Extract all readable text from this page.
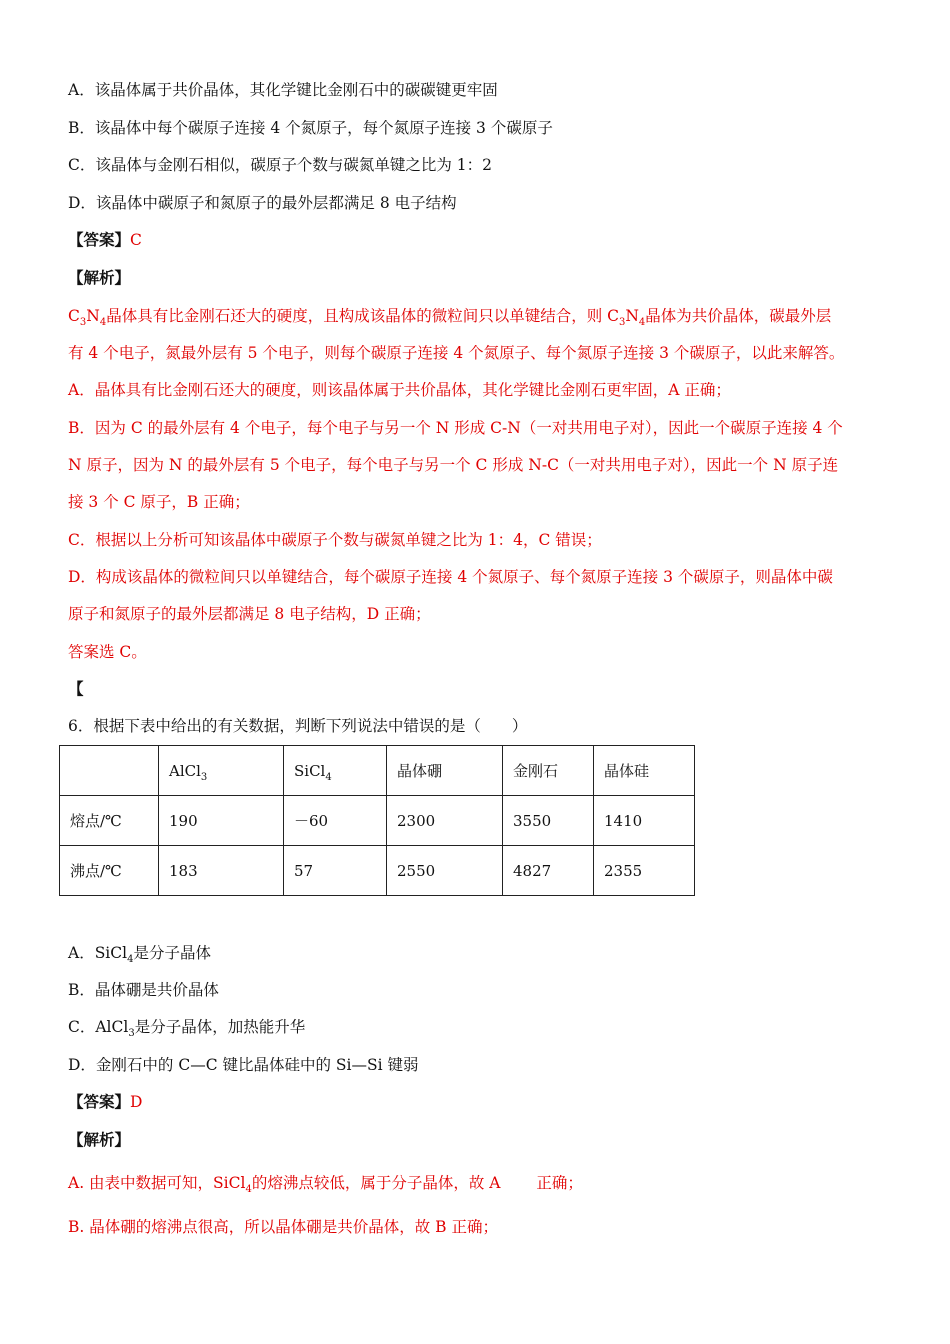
A．该晶体属于共价晶体，其化学键比金刚石中的碳碳键更牢固
B．该晶体中每个碳原子连接 4 个氮原子，每个氮原子连接 3 个碳原子
C．该晶体与金刚石相似，碳原子个数与碳氮单键之比为 1：2
D．该晶体中碳原子和氮原子的最外层都满足 8 电子结构
【答案】C
【解析】
$C_3N_4$晶体具有比金刚石还大的硬度，且构成该晶体的微粒间只以单键结合，则 $C_3N_4$晶体为共价晶体，碳最外层
有 4 个电子，氮最外层有 5 个电子，则每个碳原子连接 4 个氮原子、每个氮原子连接 3 个碳原子，以此来解答。
A．晶体具有比金刚石还大的硬度，则该晶体属于共价晶体，其化学键比金刚石更牢固，A 正确；
B．因为 C 的最外层有 4 个电子，每个电子与另一个 N 形成 C-N（一对共用电子对），因此一个碳原子连接 4 个
N 原子，因为 N 的最外层有 5 个电子，每个电子与另一个 C 形成 N-C（一对共用电子对），因此一个 N 原子连
接 3 个 C 原子，B 正确；
C．根据以上分析可知该晶体中碳原子个数与碳氮单键之比为 1：4，C 错误；
D．构成该晶体的微粒间只以单键结合，每个碳原子连接 4 个氮原子、每个氮原子连接 3 个碳原子，则晶体中碳
原子和氮原子的最外层都满足 8 电子结构，D 正确；
答案选 C。
【
6．根据下表中给出的有关数据，判断下列说法中错误的是（　　）
	AlCl$_3$	SiCl$_4$	晶体硼	金刚石	晶体硅
熔点/℃	190	－60	2300	3550	1410
沸点/℃	183	57	2550	4827	2355
A．SiCl$_4$是分子晶体
B．晶体硼是共价晶体
C．AlCl$_3$是分子晶体，加热能升华
D．金刚石中的 C—C 键比晶体硅中的 Si—Si 键弱
【答案】D
【解析】
A. 由表中数据可知，SiCl$_4$的熔沸点较低，属于分子晶体，故 A 　　正确；
B. 晶体硼的熔沸点很高，所以晶体硼是共价晶体，故 B 正确；
